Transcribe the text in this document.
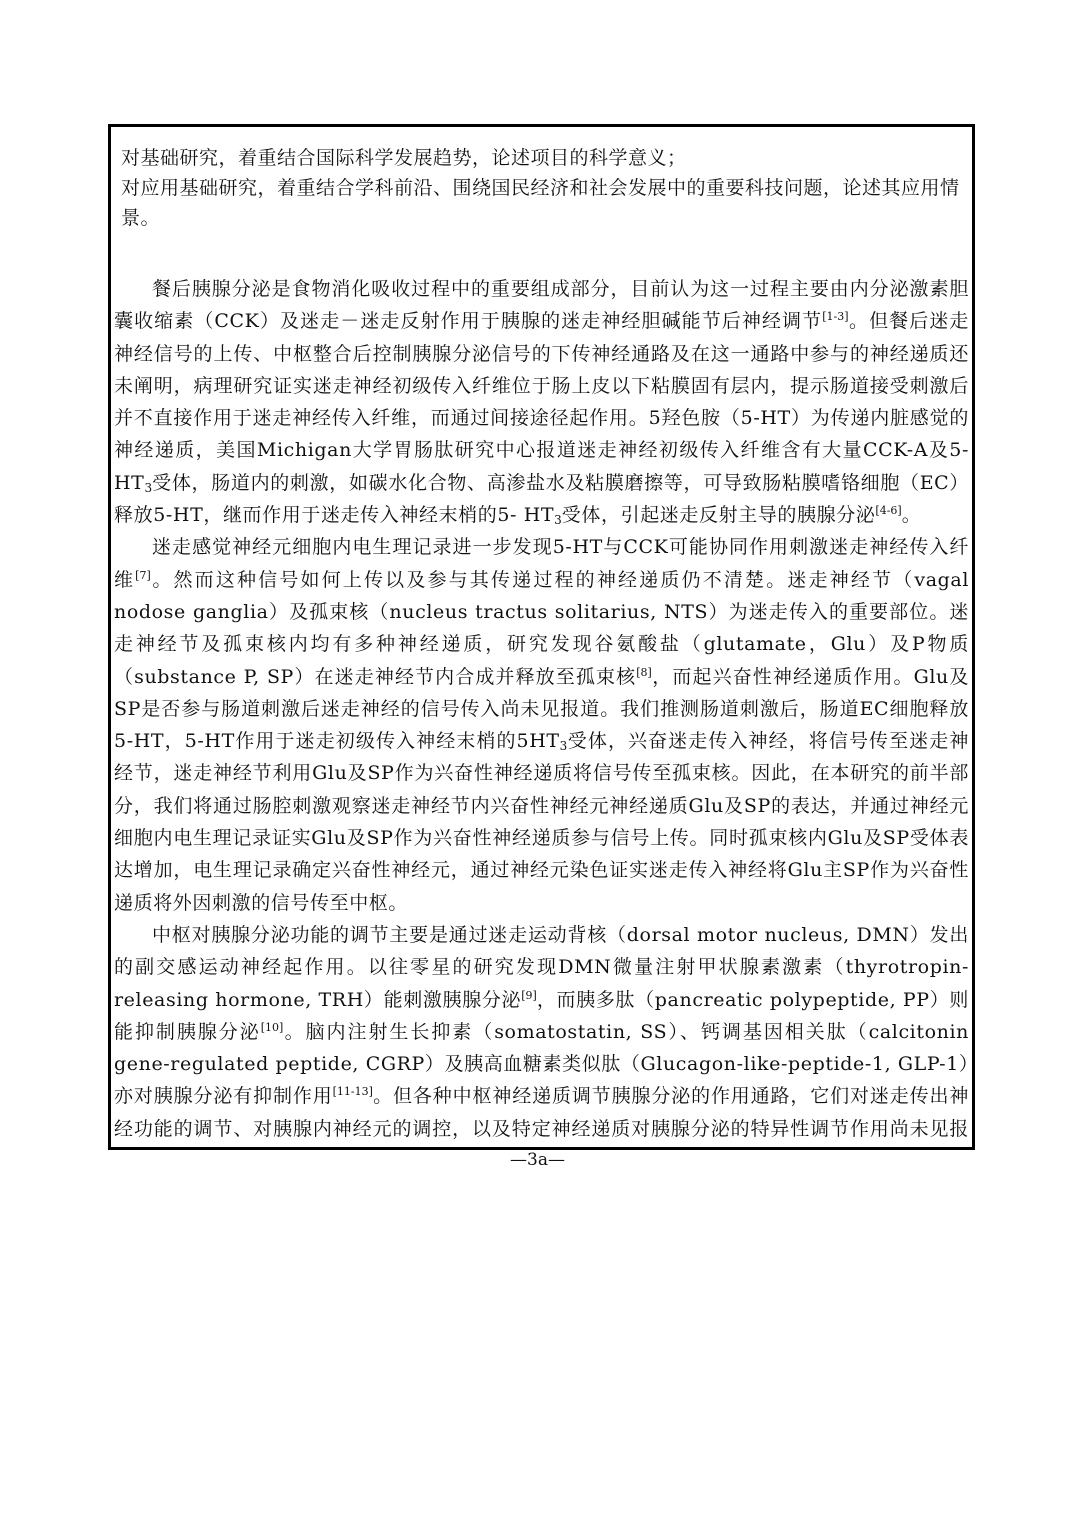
对基础研究，着重结合国际科学发展趋势，论述项目的科学意义；
对应用基础研究，着重结合学科前沿、围绕国民经济和社会发展中的重要科技问题，论述其应用情景。

餐后胰腺分泌是食物消化吸收过程中的重要组成部分，目前认为这一过程主要由内分泌激素胆囊收缩素（CCK）及迷走－迷走反射作用于胰腺的迷走神经胆碱能节后神经调节[1-3]。但餐后迷走神经信号的上传、中枢整合后控制胰腺分泌信号的下传神经通路及在这一通路中参与的神经递质还未阐明，病理研究证实迷走神经初级传入纤维位于肠上皮以下粘膜固有层内，提示肠道接受刺激后并不直接作用于迷走神经传入纤维，而通过间接途径起作用。5羟色胺（5-HT）为传递内脏感觉的神经递质，美国Michigan大学胃肠肽研究中心报道迷走神经初级传入纤维含有大量CCK-A及$5-HT_3$受体，肠道内的刺激，如碳水化合物、高渗盐水及粘膜磨擦等，可导致肠粘膜嗜铬细胞（EC）释放5-HT，继而作用于迷走传入神经末梢的5- $HT_3$受体，引起迷走反射主导的胰腺分泌[4-6]。

迷走感觉神经元细胞内电生理记录进一步发现5-HT与CCK可能协同作用刺激迷走神经传入纤维[7]。然而这种信号如何上传以及参与其传递过程的神经递质仍不清楚。迷走神经节（vagal nodose ganglia）及孤束核（nucleus tractus solitarius, NTS）为迷走传入的重要部位。迷走神经节及孤束核内均有多种神经递质，研究发现谷氨酸盐（glutamate，Glu）及P物质（substance P, SP）在迷走神经节内合成并释放至孤束核[8]，而起兴奋性神经递质作用。Glu及SP是否参与肠道刺激后迷走神经的信号传入尚未见报道。我们推测肠道刺激后，肠道EC细胞释放5-HT，5-HT作用于迷走初级传入神经末梢的$5HT_3$受体，兴奋迷走传入神经，将信号传至迷走神经节，迷走神经节利用Glu及SP作为兴奋性神经递质将信号传至孤束核。因此，在本研究的前半部分，我们将通过肠腔刺激观察迷走神经节内兴奋性神经元神经递质Glu及SP的表达，并通过神经元细胞内电生理记录证实Glu及SP作为兴奋性神经递质参与信号上传。同时孤束核内Glu及SP受体表达增加，电生理记录确定兴奋性神经元，通过神经元染色证实迷走传入神经将Glu主SP作为兴奋性递质将外因刺激的信号传至中枢。

中枢对胰腺分泌功能的调节主要是通过迷走运动背核（dorsal motor nucleus, DMN）发出的副交感运动神经起作用。以往零星的研究发现DMN微量注射甲状腺素激素（thyrotropin-releasing hormone, TRH）能刺激胰腺分泌[9]，而胰多肽（pancreatic polypeptide, PP）则能抑制胰腺分泌[10]。脑内注射生长抑素（somatostatin, SS）、钙调基因相关肽（calcitonin gene-regulated peptide, CGRP）及胰高血糖素类似肽（Glucagon-like-peptide-1, GLP-1）亦对胰腺分泌有抑制作用[11-13]。但各种中枢神经递质调节胰腺分泌的作用通路，它们对迷走传出神经功能的调节、对胰腺内神经元的调控，以及特定神经递质对胰腺分泌的特异性调节作用尚未见报

—3a—
